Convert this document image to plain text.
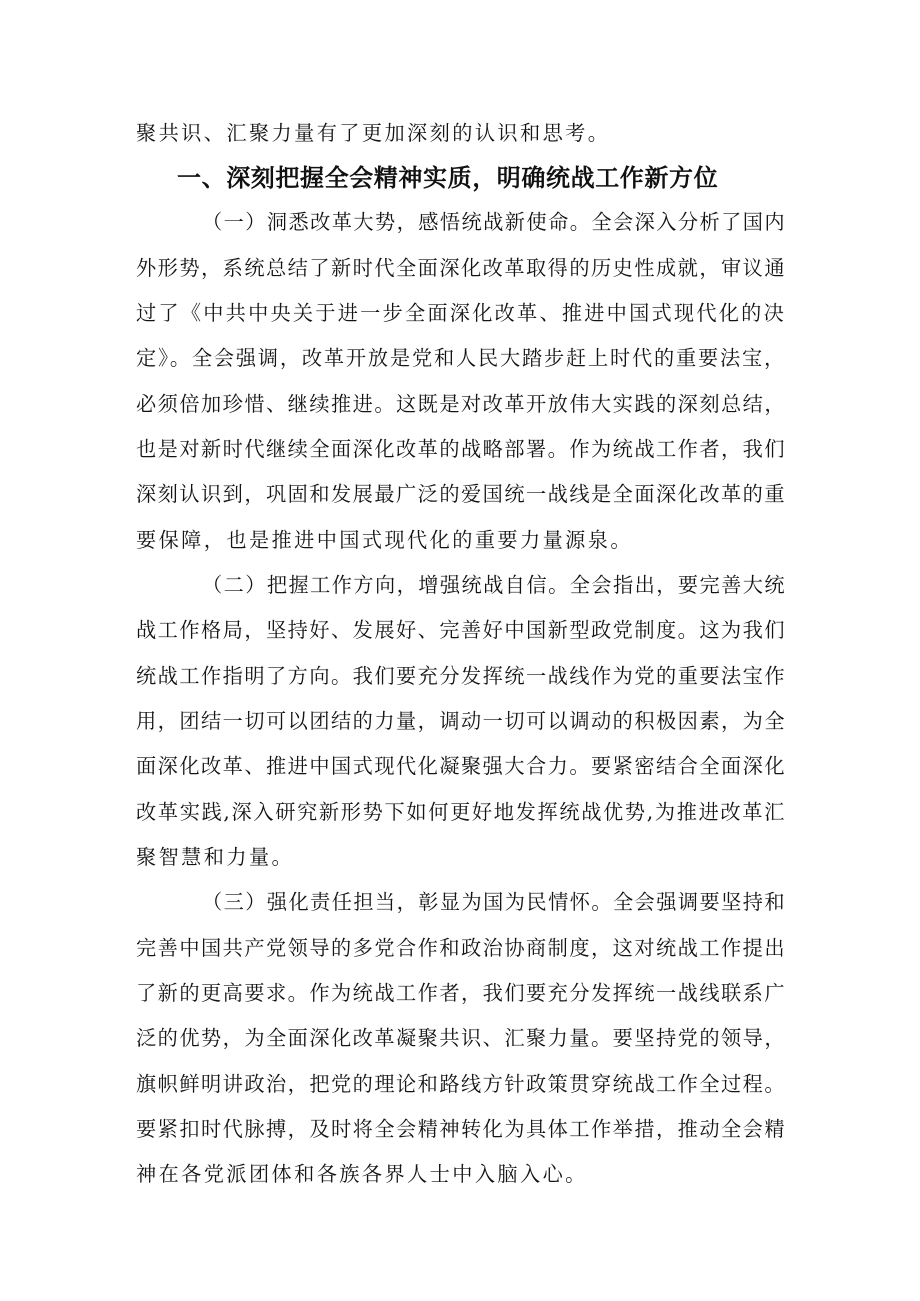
聚共识、汇聚力量有了更加深刻的认识和思考。
一、深刻把握全会精神实质，明确统战工作新方位
（一）洞悉改革大势，感悟统战新使命。全会深入分析了国内
外形势，系统总结了新时代全面深化改革取得的历史性成就，审议通
过了《中共中央关于进一步全面深化改革、推进中国式现代化的决
定》。全会强调，改革开放是党和人民大踏步赶上时代的重要法宝，
必须倍加珍惜、继续推进。这既是对改革开放伟大实践的深刻总结，
也是对新时代继续全面深化改革的战略部署。作为统战工作者，我们
深刻认识到，巩固和发展最广泛的爱国统一战线是全面深化改革的重
要保障，也是推进中国式现代化的重要力量源泉。
（二）把握工作方向，增强统战自信。全会指出，要完善大统
战工作格局，坚持好、发展好、完善好中国新型政党制度。这为我们
统战工作指明了方向。我们要充分发挥统一战线作为党的重要法宝作
用，团结一切可以团结的力量，调动一切可以调动的积极因素，为全
面深化改革、推进中国式现代化凝聚强大合力。要紧密结合全面深化
改革实践,深入研究新形势下如何更好地发挥统战优势,为推进改革汇
聚智慧和力量。
（三）强化责任担当，彰显为国为民情怀。全会强调要坚持和
完善中国共产党领导的多党合作和政治协商制度，这对统战工作提出
了新的更高要求。作为统战工作者，我们要充分发挥统一战线联系广
泛的优势，为全面深化改革凝聚共识、汇聚力量。要坚持党的领导，
旗帜鲜明讲政治，把党的理论和路线方针政策贯穿统战工作全过程。
要紧扣时代脉搏，及时将全会精神转化为具体工作举措，推动全会精
神在各党派团体和各族各界人士中入脑入心。
